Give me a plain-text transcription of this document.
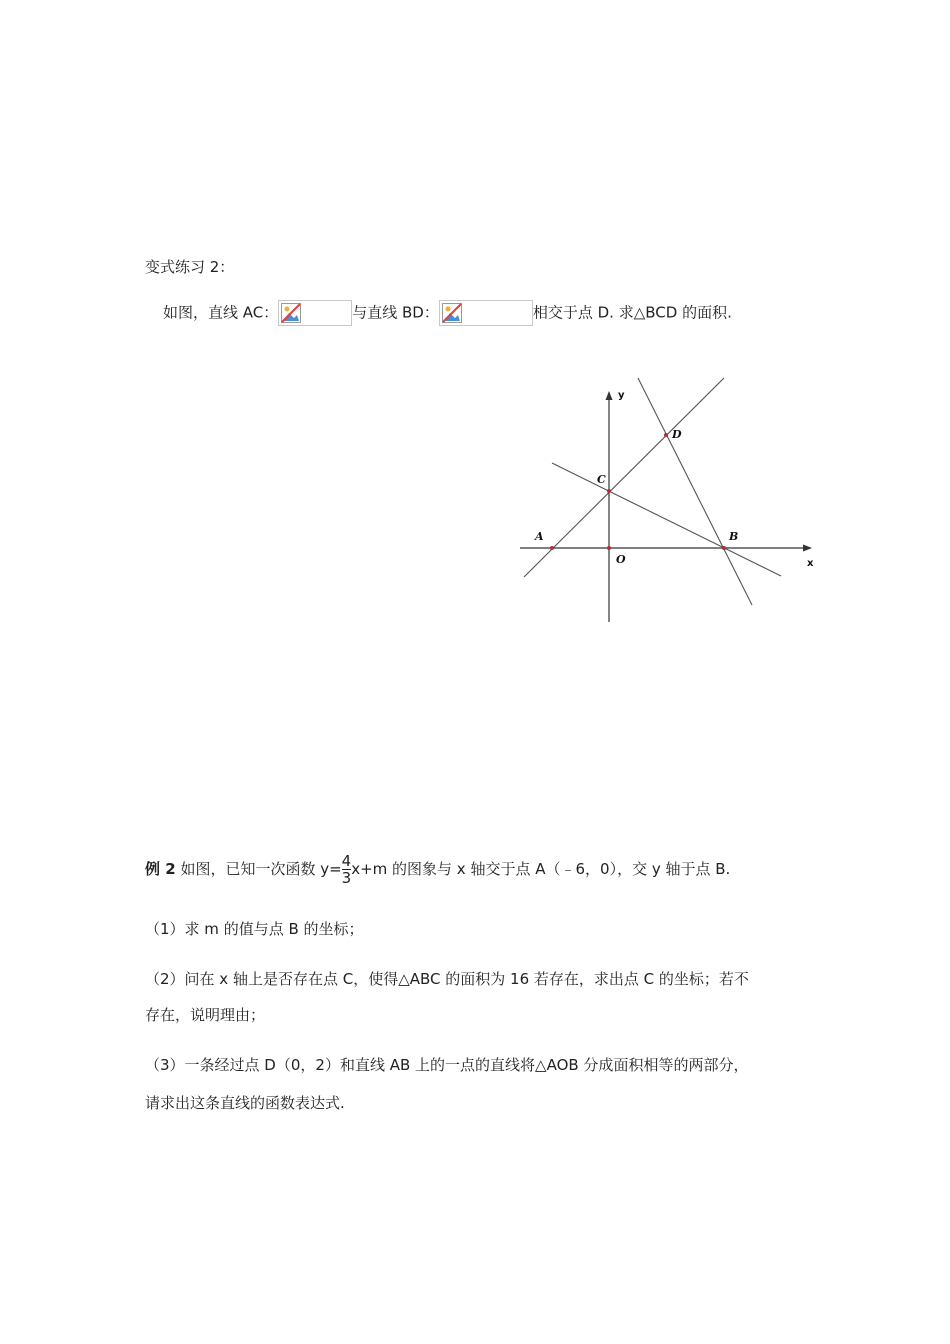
变式练习 2：
如图，直线 AC：	与直线 BD：	相交于点 D. 求△BCD 的面积.
A
O
C
B
D
x
y
例 2 如图，已知一次函数 $y= \frac{4}{3} x+m$ 的图象与 x 轴交于点 A（﹣6，0），交 y 轴于点 B.
（1）求 m 的值与点 B 的坐标；
（2）问在 x 轴上是否存在点 C，使得△ABC 的面积为 16 若存在，求出点 C 的坐标；若不
存在，说明理由；
（3）一条经过点 D（0，2）和直线 AB 上的一点的直线将△AOB 分成面积相等的两部分，
请求出这条直线的函数表达式.
